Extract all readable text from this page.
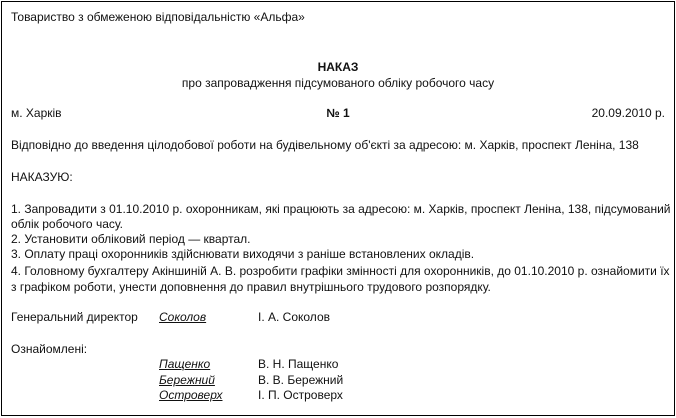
Товариство з обмеженою відповідальністю «Альфа»
НАКАЗ
про запровадження підсумованого обліку робочого часу
м. Харків	№ 1	20.09.2010 р.
Відповідно до введення цілодобової роботи на будівельному об'єкті за адресою: м. Харків, проспект Леніна, 138
НАКАЗУЮ:
1. Запровадити з 01.10.2010 р. охоронникам, які працюють за адресою: м. Харків, проспект Леніна, 138, підсумований
облік робочого часу.
2. Установити обліковий період — квартал.
3. Оплату праці охоронників здійснювати виходячи з раніше встановлених окладів.
4. Головному бухгалтеру Акіншиній А. В. розробити графіки змінності для охоронників, до 01.10.2010 р. ознайомити їх
з графіком роботи, унести доповнення до правил внутрішнього трудового розпорядку.
Генеральний директор Соколов	І. А. Соколов
Ознайомлені:
Пащенко	В. Н. Пащенко
Бережний	В. В. Бережний
Островерх	І. П. Островерх
